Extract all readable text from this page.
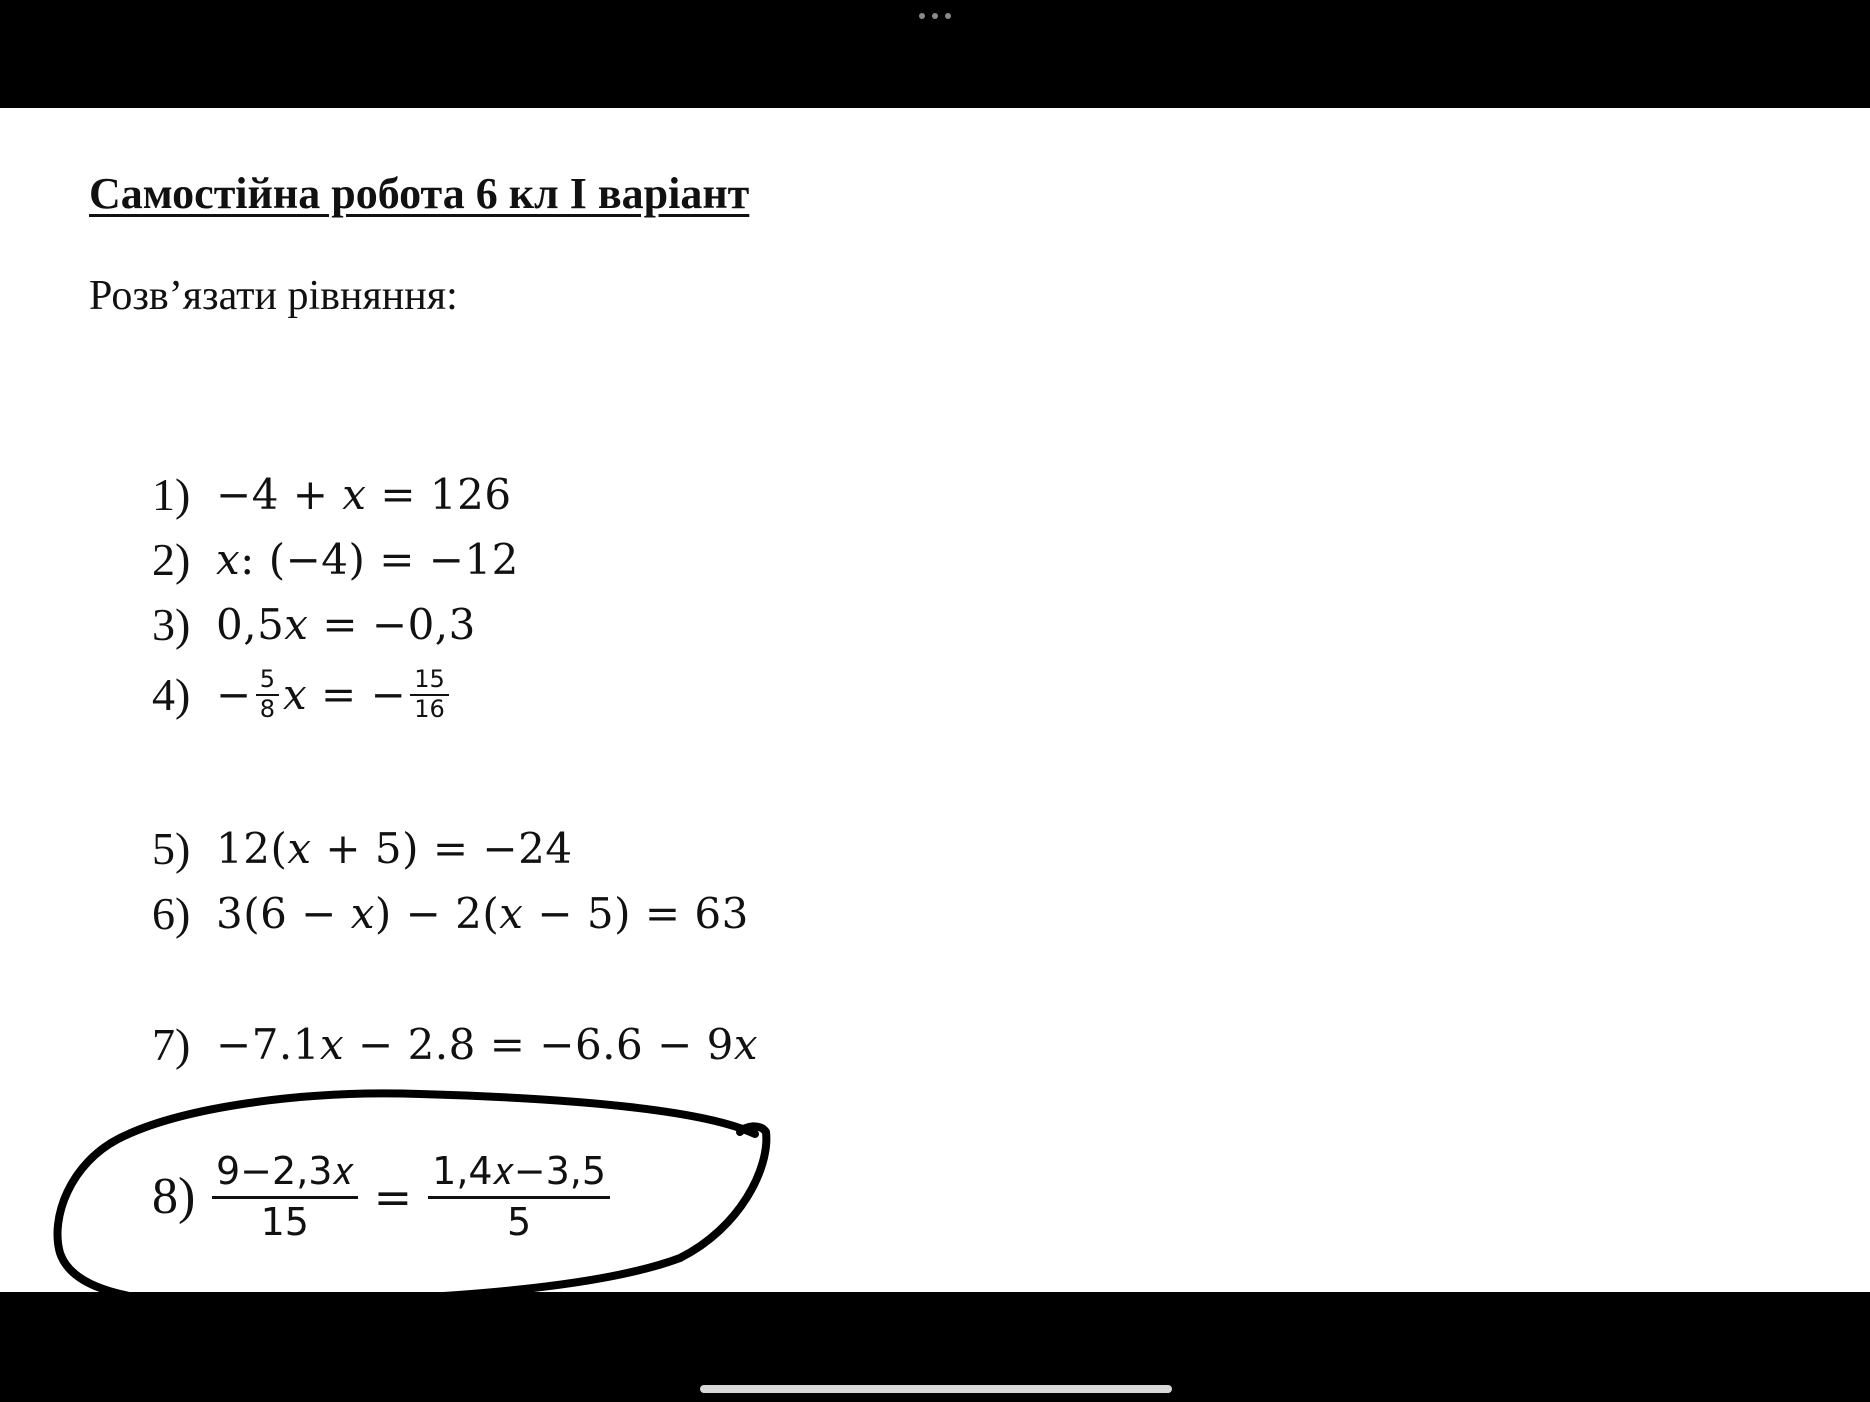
Самостійна робота 6 кл І варіант
Розв’язати рівняння:
1) −4 + 𝑥 = 126
2) 𝑥: (−4) = −12
3) 0,5𝑥 = −0,3
$4) - \frac{5}{8}$ 𝑥 = − $\frac{15}{16}$
5) 12(𝑥 + 5) = −24
6) 3(6 − 𝑥) − 2(𝑥 − 5) = 63
7) −7.1𝑥 − 2.8 = −6.6 − 9𝑥
$8) \frac{\text{9−2,3𝑥}}{15} = \frac{\text{1,4𝑥−3,5}}{5}$
